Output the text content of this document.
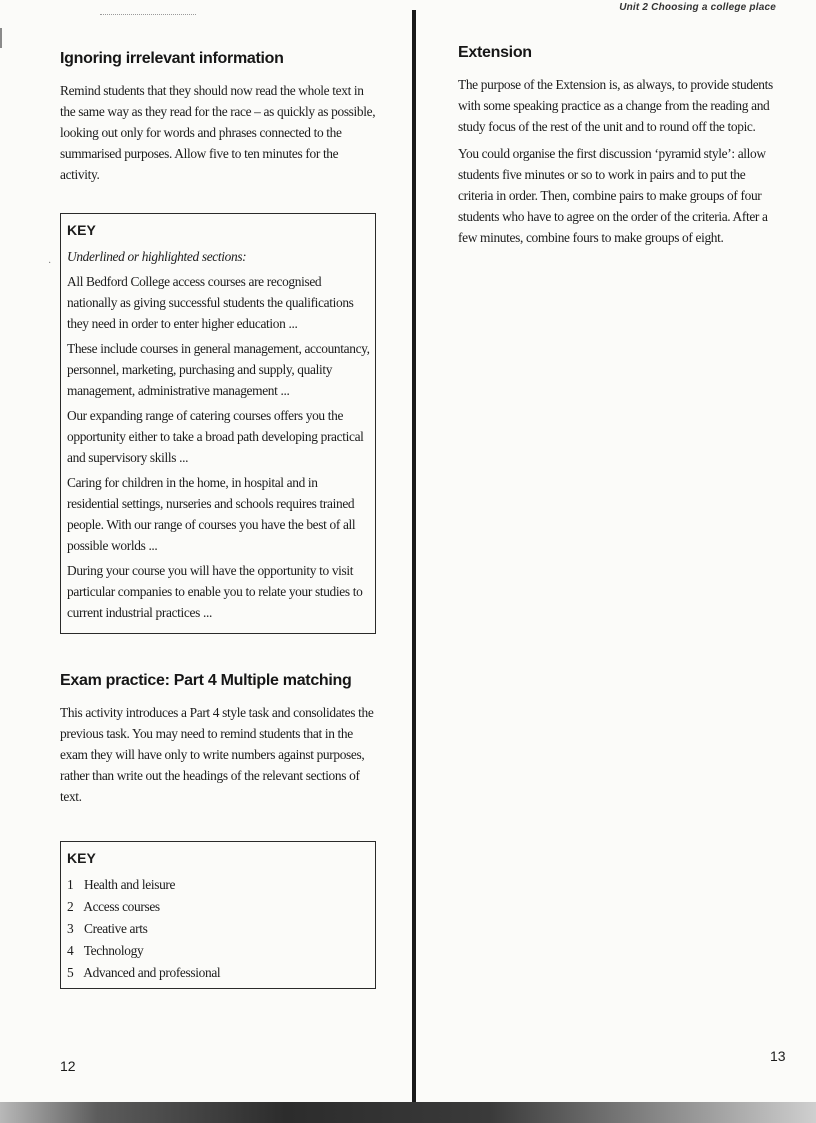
·
Unit 2 Choosing a college place
Ignoring irrelevant information

Remind students that they should now read the whole text in the same way as they read for the race – as quickly as possible, looking out only for words and phrases connected to the summarised purposes. Allow five to ten minutes for the activity.

KEY

Underlined or highlighted sections:

All Bedford College access courses are recognised nationally as giving successful students the qualifications they need in order to enter higher education ...

These include courses in general management, accountancy, personnel, marketing, purchasing and supply, quality management, administrative management ...

Our expanding range of catering courses offers you the opportunity either to take a broad path developing practical and supervisory skills ...

Caring for children in the home, in hospital and in residential settings, nurseries and schools requires trained people. With our range of courses you have the best of all possible worlds ...

During your course you will have the opportunity to visit particular companies to enable you to relate your studies to current industrial practices ...

Exam practice: Part 4 Multiple matching

This activity introduces a Part 4 style task and consolidates the previous task. You may need to remind students that in the exam they will have only to write numbers against purposes, rather than write out the headings of the relevant sections of text.

KEY
1 Health and leisure
2 Access courses
3 Creative arts
4 Technology
5 Advanced and professional
Extension

The purpose of the Extension is, as always, to provide students with some speaking practice as a change from the reading and study focus of the rest of the unit and to round off the topic.

You could organise the first discussion ‘pyramid style’: allow students five minutes or so to work in pairs and to put the criteria in order. Then, combine pairs to make groups of four students who have to agree on the order of the criteria. After a few minutes, combine fours to make groups of eight.

12
13
